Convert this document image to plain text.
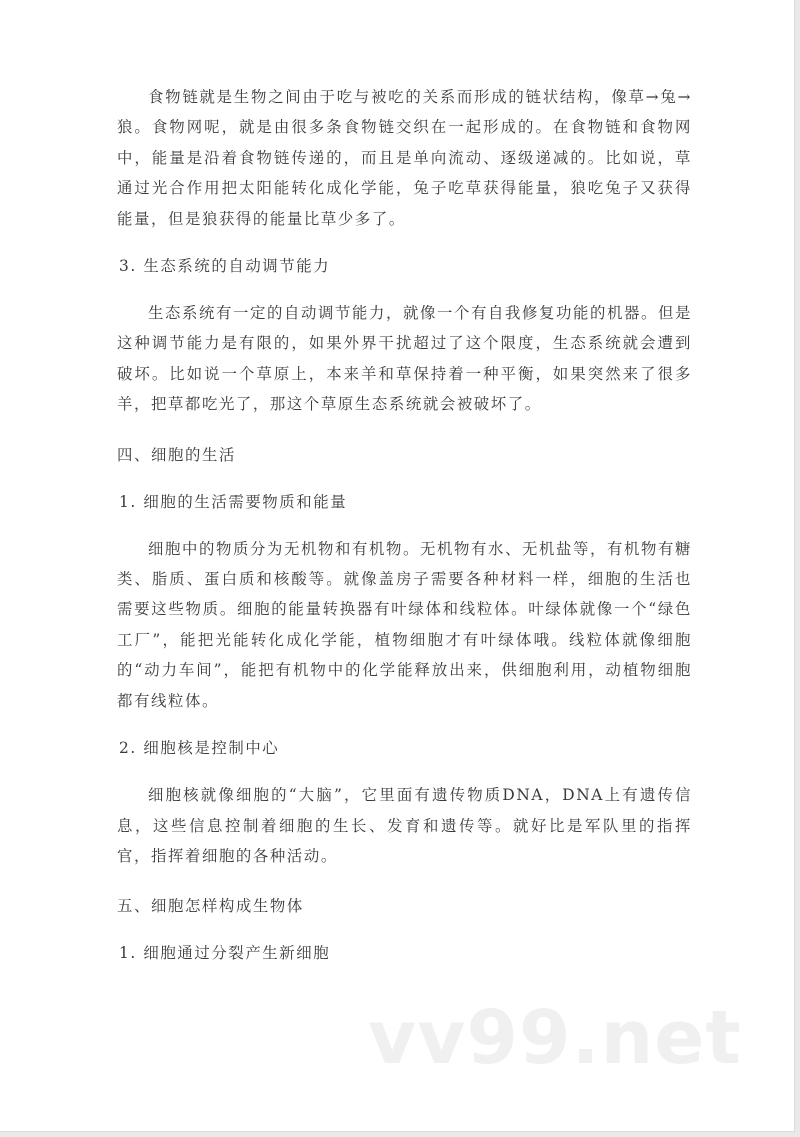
食物链就是生物之间由于吃与被吃的关系而形成的链状结构，像草→兔→狼。食物网呢，就是由很多条食物链交织在一起形成的。在食物链和食物网中，能量是沿着食物链传递的，而且是单向流动、逐级递减的。比如说，草通过光合作用把太阳能转化成化学能，兔子吃草获得能量，狼吃兔子又获得能量，但是狼获得的能量比草少多了。

3. 生态系统的自动调节能力

生态系统有一定的自动调节能力，就像一个有自我修复功能的机器。但是这种调节能力是有限的，如果外界干扰超过了这个限度，生态系统就会遭到破坏。比如说一个草原上，本来羊和草保持着一种平衡，如果突然来了很多羊，把草都吃光了，那这个草原生态系统就会被破坏了。

四、细胞的生活

1. 细胞的生活需要物质和能量

细胞中的物质分为无机物和有机物。无机物有水、无机盐等，有机物有糖类、脂质、蛋白质和核酸等。就像盖房子需要各种材料一样，细胞的生活也需要这些物质。细胞的能量转换器有叶绿体和线粒体。叶绿体就像一个“绿色工厂”，能把光能转化成化学能，植物细胞才有叶绿体哦。线粒体就像细胞的“动力车间”，能把有机物中的化学能释放出来，供细胞利用，动植物细胞都有线粒体。

2. 细胞核是控制中心

细胞核就像细胞的“大脑”，它里面有遗传物质DNA，DNA上有遗传信息，这些信息控制着细胞的生长、发育和遗传等。就好比是军队里的指挥官，指挥着细胞的各种活动。

五、细胞怎样构成生物体

1. 细胞通过分裂产生新细胞

vv99.net
